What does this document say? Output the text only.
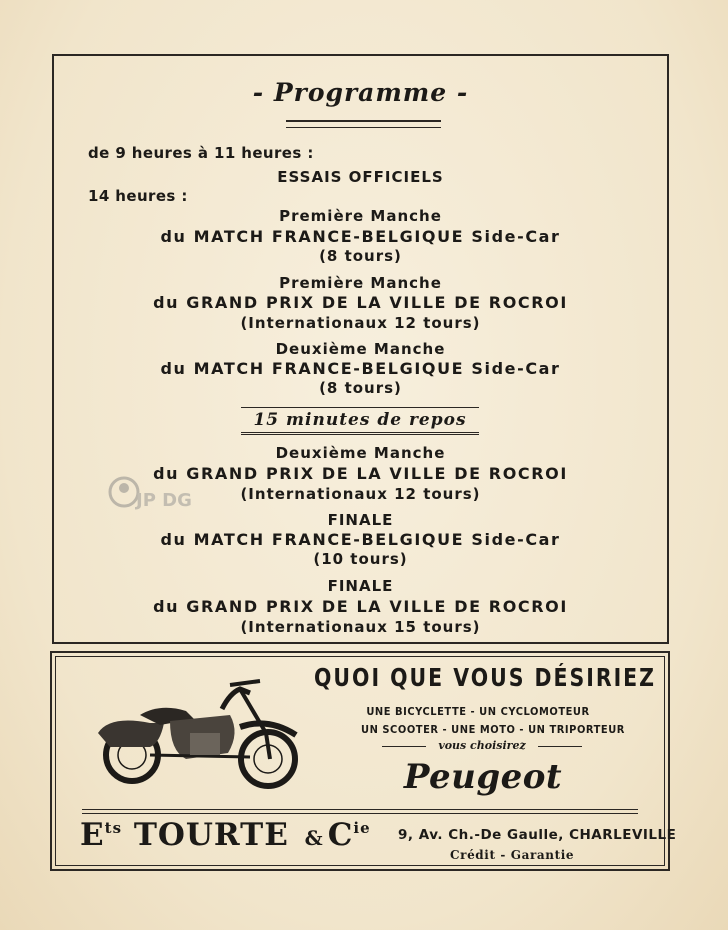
- Programme -
de 9 heures à 11 heures :
ESSAIS OFFICIELS
14 heures :
Première Manche
du MATCH FRANCE-BELGIQUE Side-Car
(8 tours)
Première Manche
du GRAND PRIX DE LA VILLE DE ROCROI
(Internationaux 12 tours)
Deuxième Manche
du MATCH FRANCE-BELGIQUE Side-Car
(8 tours)
15 minutes de repos
Deuxième Manche
du GRAND PRIX DE LA VILLE DE ROCROI
(Internationaux 12 tours)
FINALE
du MATCH FRANCE-BELGIQUE Side-Car
(10 tours)
FINALE
du GRAND PRIX DE LA VILLE DE ROCROI
(Internationaux 15 tours)
JP DG
QUOI QUE VOUS DÉSIRIEZ
UNE BICYCLETTE - UN CYCLOMOTEUR
UN SCOOTER - UNE MOTO - UN TRIPORTEUR
vous choisirez
Peugeot
$E^{ts}$ TOURTE & $C^{ie}$ 9, Av. Ch.-De Gaulle, CHARLEVILLE
Crédit - Garantie
